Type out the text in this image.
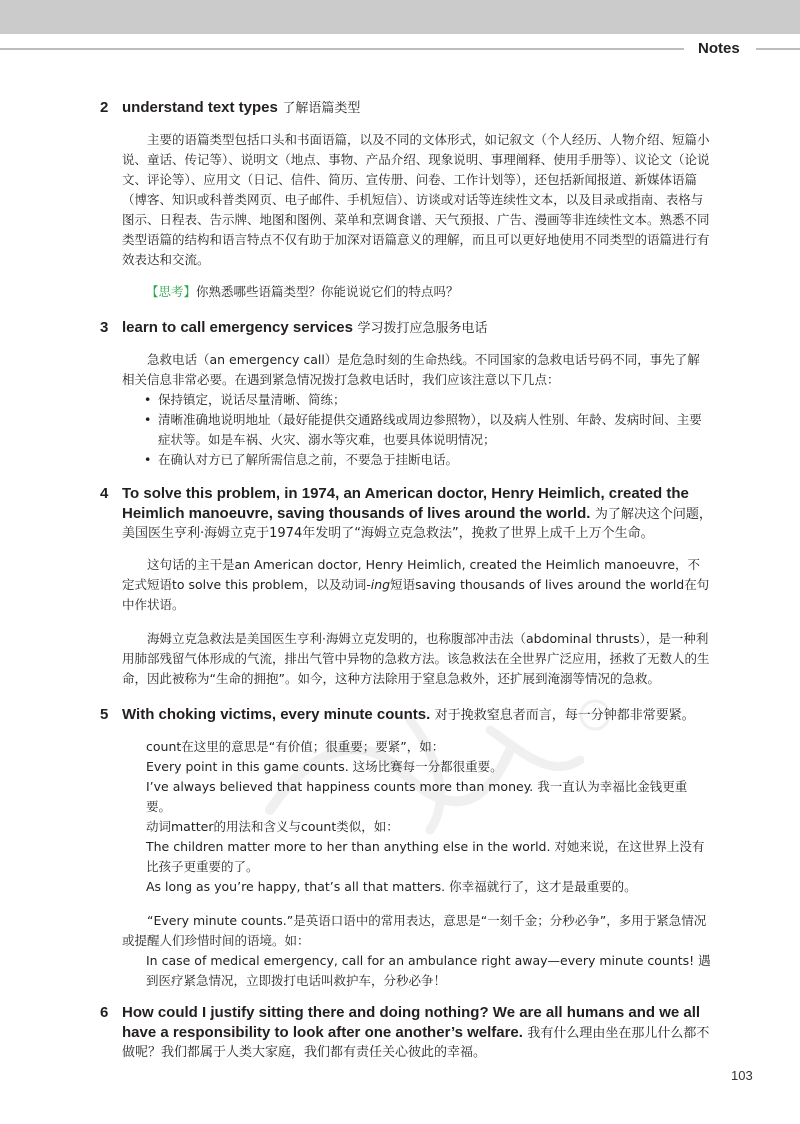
Notes
2 understand text types 了解语篇类型
主要的语篇类型包括口头和书面语篇，以及不同的文体形式，如记叙文（个人经历、人物介绍、短篇小说、童话、传记等）、说明文（地点、事物、产品介绍、现象说明、事理阐释、使用手册等）、议论文（论说文、评论等）、应用文（日记、信件、简历、宣传册、问卷、工作计划等），还包括新闻报道、新媒体语篇（博客、知识或科普类网页、电子邮件、手机短信）、访谈或对话等连续性文本，以及目录或指南、表格与图示、日程表、告示牌、地图和图例、菜单和烹调食谱、天气预报、广告、漫画等非连续性文本。熟悉不同类型语篇的结构和语言特点不仅有助于加深对语篇意义的理解，而且可以更好地使用不同类型的语篇进行有效表达和交流。
【思考】你熟悉哪些语篇类型？你能说说它们的特点吗？
3 learn to call emergency services 学习拨打应急服务电话
急救电话（an emergency call）是危急时刻的生命热线。不同国家的急救电话号码不同，事先了解相关信息非常必要。在遇到紧急情况拨打急救电话时，我们应该注意以下几点：
• 保持镇定，说话尽量清晰、简练；
• 清晰准确地说明地址（最好能提供交通路线或周边参照物），以及病人性别、年龄、发病时间、主要症状等。如是车祸、火灾、溺水等灾难，也要具体说明情况；
• 在确认对方已了解所需信息之前，不要急于挂断电话。
4 To solve this problem, in 1974, an American doctor, Henry Heimlich, created the Heimlich manoeuvre, saving thousands of lives around the world. 为了解决这个问题，美国医生亨利·海姆立克于1974年发明了“海姆立克急救法”，挽救了世界上成千上万个生命。
这句话的主干是an American doctor, Henry Heimlich, created the Heimlich manoeuvre，不定式短语to solve this problem，以及动词-ing短语saving thousands of lives around the world在句中作状语。
海姆立克急救法是美国医生亨利·海姆立克发明的，也称腹部冲击法（abdominal thrusts），是一种利用肺部残留气体形成的气流，排出气管中异物的急救方法。该急救法在全世界广泛应用，拯救了无数人的生命，因此被称为“生命的拥抱”。如今，这种方法除用于窒息急救外，还扩展到淹溺等情况的急救。
5 With choking victims, every minute counts. 对于挽救窒息者而言，每一分钟都非常要紧。
count在这里的意思是“有价值；很重要；要紧”，如：
Every point in this game counts. 这场比赛每一分都很重要。
I’ve always believed that happiness counts more than money. 我一直认为幸福比金钱更重要。
动词matter的用法和含义与count类似，如：
The children matter more to her than anything else in the world. 对她来说，在这世界上没有比孩子更重要的了。
As long as you’re happy, that’s all that matters. 你幸福就行了，这才是最重要的。
“Every minute counts.”是英语口语中的常用表达，意思是“一刻千金；分秒必争”，多用于紧急情况或提醒人们珍惜时间的语境。如：
In case of medical emergency, call for an ambulance right away—every minute counts! 遇到医疗紧急情况，立即拨打电话叫救护车，分秒必争！
6 How could I justify sitting there and doing nothing? We are all humans and we all have a responsibility to look after one another’s welfare. 我有什么理由坐在那儿什么都不做呢？我们都属于人类大家庭，我们都有责任关心彼此的幸福。
103
